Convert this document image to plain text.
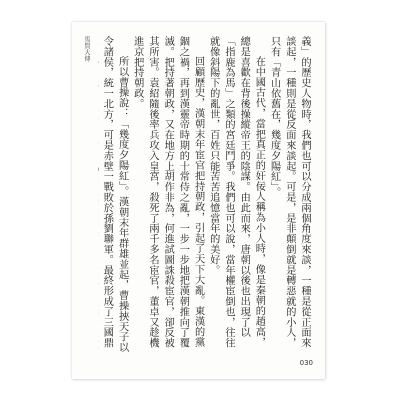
馬賢大傳	義」的歷史人物時，我們也可以分成兩個角度來談，一種是從正面來談起，一種則是從反面來談起。可是，是非顛倒就是轉惡就的小人，只有「青山依舊在，幾度夕陽紅」。

在中國古代，當把真正的奸佞人稱為小人時，像是秦朝的趙高，總是喜歡在背後操縱帝王的陰謀。由此而來，唐朝以後也出現了以「指鹿為馬」之類的宮廷鬥爭。我們也可以說，當年權宦倒也，往往就像斜陽下的亂世，百姓只能苦苦追憶當年的美好。

回顧歷史，漢朝末年宦官把持朝政，引起了天下大亂。東漢的黨錮之禍，再到漢靈帝時期的十常侍之亂，一步一步地把漢朝推向了覆滅。把持著朝政，又在地方上胡作非為，何進試圖誅殺宦官，卻反被其所害。袁紹隨後率兵攻入皇宮，殺死了兩千多名宦官，董卓又趁機進京把持朝政。

所以曹操說：「幾度夕陽紅」。漢朝末年群雄並起，曹操挾天子以令諸侯，統一北方，可是赤壁一戰敗於孫劉聯軍。最終形成了三國鼎

030
